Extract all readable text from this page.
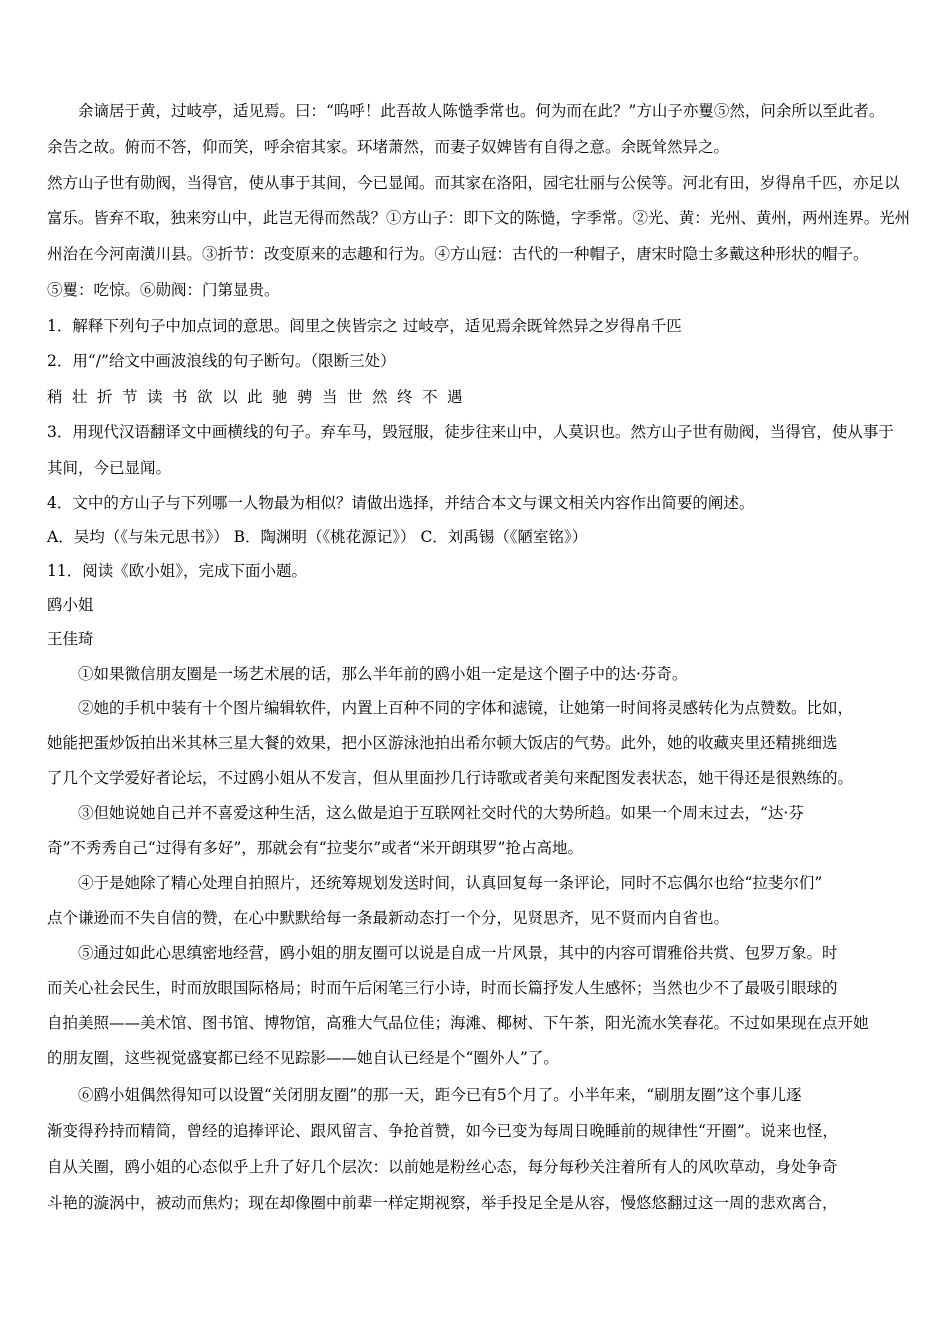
余谪居于黄，过岐亭，适见焉。曰：“呜呼！此吾故人陈慥季常也。何为而在此？”方山子亦矍⑤然，问余所以至此者。
余告之故。俯而不答，仰而笑，呼余宿其家。环堵萧然，而妻子奴婢皆有自得之意。余既耸然异之。
然方山子世有勋阀，当得官，使从事于其间，今已显闻。而其家在洛阳，园宅壮丽与公侯等。河北有田，岁得帛千匹，亦足以
富乐。皆弃不取，独来穷山中，此岂无得而然哉？①方山子：即下文的陈慥，字季常。②光、黄：光州、黄州，两州连界。光州
州治在今河南潢川县。③折节：改变原来的志趣和行为。④方山冠：古代的一种帽子，唐宋时隐士多戴这种形状的帽子。
⑤矍：吃惊。⑥勋阀：门第显贵。
1．解释下列句子中加点词的意思。闾里之侠皆宗之 过岐亭，适见焉余既耸然异之岁得帛千匹
2．用“/”给文中画波浪线的句子断句。（限断三处）
稍壮折节读书欲以此驰骋当世然终不遇
3．用现代汉语翻译文中画横线的句子。弃车马，毁冠服，徒步往来山中，人莫识也。然方山子世有勋阀，当得官，使从事于
其间，今已显闻。
4．文中的方山子与下列哪一人物最为相似？请做出选择，并结合本文与课文相关内容作出简要的阐述。
A．吴均（《与朱元思书》） B．陶渊明（《桃花源记》） C．刘禹锡（《陋室铭》）
11．阅读《欧小姐》，完成下面小题。
鸥小姐
王佳琦
①如果微信朋友圈是一场艺术展的话，那么半年前的鸥小姐一定是这个圈子中的达·芬奇。
②她的手机中装有十个图片编辑软件，内置上百种不同的字体和滤镜，让她第一时间将灵感转化为点赞数。比如，
她能把蛋炒饭拍出米其林三星大餐的效果，把小区游泳池拍出希尔顿大饭店的气势。此外，她的收藏夹里还精挑细选
了几个文学爱好者论坛，不过鸥小姐从不发言，但从里面抄几行诗歌或者美句来配图发表状态，她干得还是很熟练的。
③但她说她自己并不喜爱这种生活，这么做是迫于互联网社交时代的大势所趋。如果一个周末过去，“达·芬
奇”不秀秀自己“过得有多好”，那就会有“拉斐尔”或者“米开朗琪罗”抢占高地。
④于是她除了精心处理自拍照片，还统筹规划发送时间，认真回复每一条评论，同时不忘偶尔也给“拉斐尔们”
点个谦逊而不失自信的赞，在心中默默给每一条最新动态打一个分，见贤思齐，见不贤而内自省也。
⑤通过如此心思缜密地经营，鸥小姐的朋友圈可以说是自成一片风景，其中的内容可谓雅俗共赏、包罗万象。时
而关心社会民生，时而放眼国际格局；时而午后闲笔三行小诗，时而长篇抒发人生感怀；当然也少不了最吸引眼球的
自拍美照——美术馆、图书馆、博物馆，高雅大气品位佳；海滩、椰树、下午茶，阳光流水笑春花。不过如果现在点开她
的朋友圈，这些视觉盛宴都已经不见踪影——她自认已经是个“圈外人”了。
⑥鸥小姐偶然得知可以设置“关闭朋友圈”的那一天，距今已有5个月了。小半年来，“刷朋友圈”这个事儿逐
渐变得矜持而精简，曾经的追捧评论、跟风留言、争抢首赞，如今已变为每周日晚睡前的规律性“开圈”。说来也怪，
自从关圈，鸥小姐的心态似乎上升了好几个层次：以前她是粉丝心态，每分每秒关注着所有人的风吹草动，身处争奇
斗艳的漩涡中，被动而焦灼；现在却像圈中前辈一样定期视察，举手投足全是从容，慢悠悠翻过这一周的悲欢离合，
